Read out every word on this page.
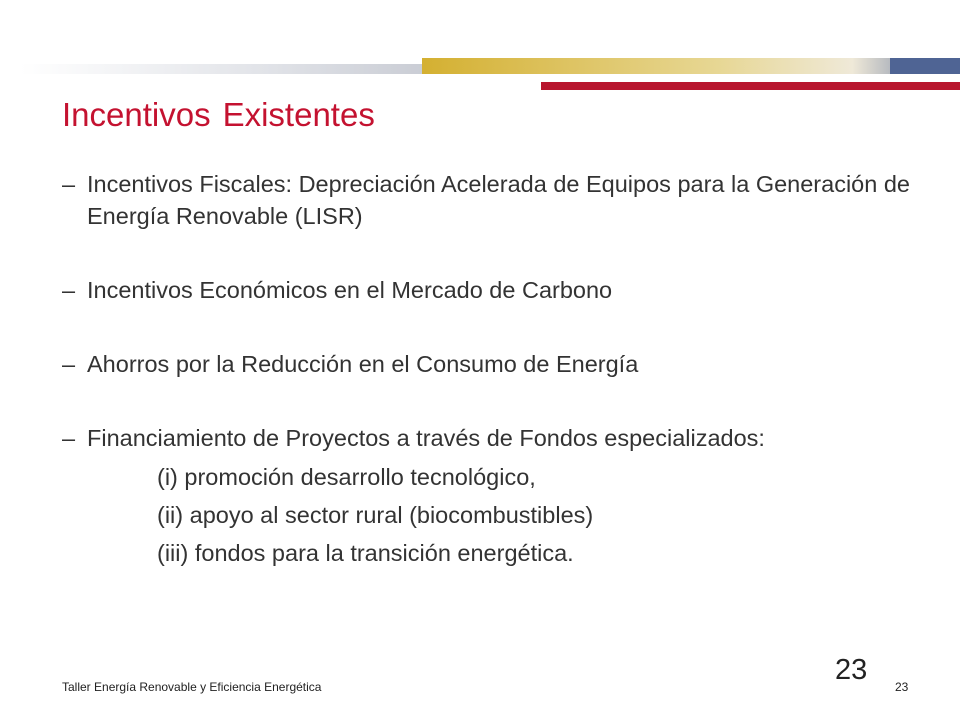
Incentivos Existentes
– Incentivos Fiscales: Depreciación Acelerada de Equipos para la Generación de Energía Renovable (LISR)
– Incentivos Económicos en el Mercado de Carbono
– Ahorros por la Reducción en el Consumo de Energía
– Financiamiento de Proyectos a través de Fondos especializados:
(i) promoción desarrollo tecnológico,
(ii) apoyo al sector rural (biocombustibles)
(iii) fondos para la transición energética.
Taller Energía Renovable y Eficiencia Energética
23
23
